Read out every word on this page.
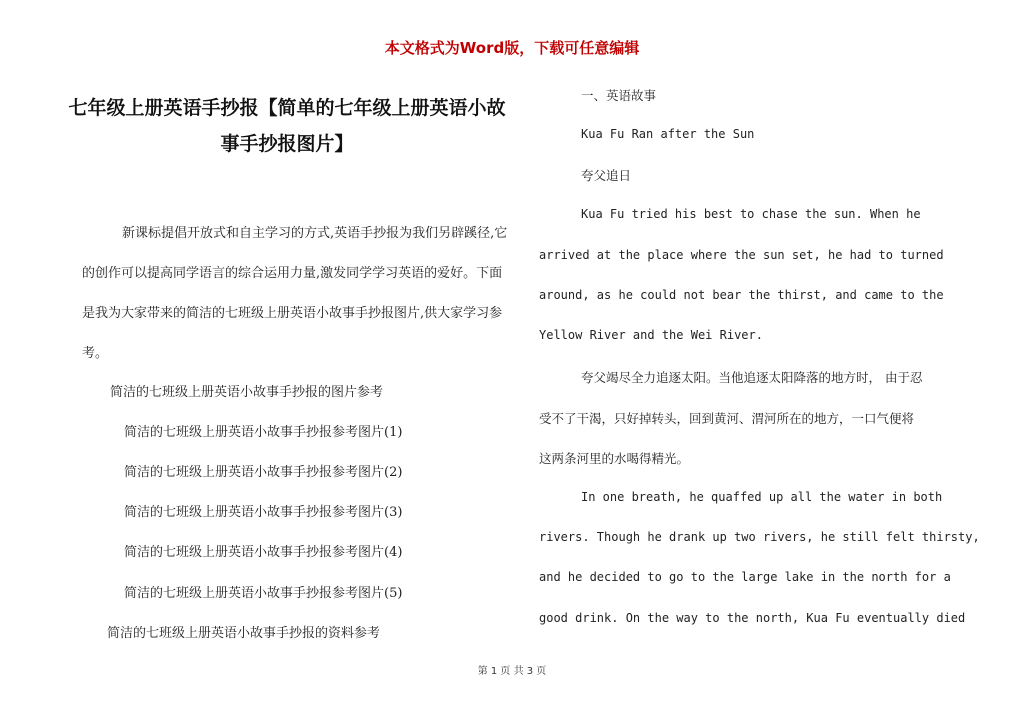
本文格式为Word版，下载可任意编辑
七年级上册英语手抄报【简单的七年级上册英语小故事手抄报图片】

新课标提倡开放式和自主学习的方式,英语手抄报为我们另辟蹊径,它的创作可以提高同学语言的综合运用力量,激发同学学习英语的爱好。下面是我为大家带来的简洁的七班级上册英语小故事手抄报图片,供大家学习参考。

简洁的七班级上册英语小故事手抄报的图片参考
简洁的七班级上册英语小故事手抄报参考图片(1)
简洁的七班级上册英语小故事手抄报参考图片(2)
简洁的七班级上册英语小故事手抄报参考图片(3)
简洁的七班级上册英语小故事手抄报参考图片(4)
简洁的七班级上册英语小故事手抄报参考图片(5)
简洁的七班级上册英语小故事手抄报的资料参考
一、英语故事
Kua Fu Ran after the Sun
夸父追日
Kua Fu tried his best to chase the sun. When he
arrived at the place where the sun set, he had to turned
around, as he could not bear the thirst, and came to the
Yellow River and the Wei River.
夸父竭尽全力追逐太阳。当他追逐太阳降落的地方时， 由于忍
受不了干渴，只好掉转头，回到黄河、渭河所在的地方，一口气便将
这两条河里的水喝得精光。
In one breath, he quaffed up all the water in both
rivers. Though he drank up two rivers, he still felt thirsty,
and he decided to go to the large lake in the north for a
good drink. On the way to the north, Kua Fu eventually died
第 1 页 共 3 页
